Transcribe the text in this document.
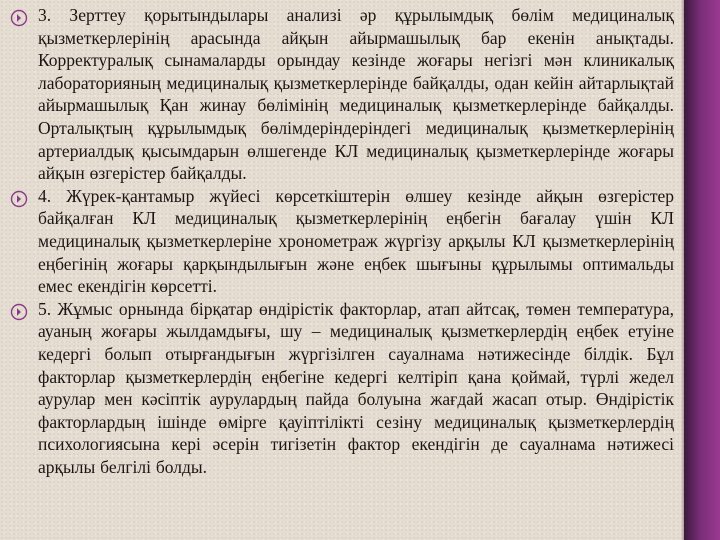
3. Зерттеу қорытындылары анализі әр құрылымдық бөлім медициналық қызметкерлерінің арасында айқын айырмашылық бар екенін анықтады. Корректуралық сынамаларды орындау кезінде жоғары негізгі мән клиникалық лабораторияның медициналық қызметкерлерінде байқалды, одан кейін айтарлықтай айырмашылық Қан жинау бөлімінің медициналық қызметкерлерінде байқалды. Орталықтың құрылымдық бөлімдеріндеріндегі медициналық қызметкерлерінің артериалдық қысымдарын өлшегенде КЛ медициналық қызметкерлерінде жоғары айқын өзгерістер байқалды.
4. Жүрек-қантамыр жүйесі көрсеткіштерін өлшеу кезінде айқын өзгерістер байқалған КЛ медициналық қызметкерлерінің еңбегін бағалау үшін КЛ медициналық қызметкерлеріне хронометраж жүргізу арқылы КЛ қызметкерлерінің еңбегінің жоғары қарқындылығын және еңбек шығыны құрылымы оптимальды емес екендігін көрсетті.
5. Жұмыс орнында бірқатар өндірістік факторлар, атап айтсақ, төмен температура, ауаның жоғары жылдамдығы, шу – медициналық қызметкерлердің еңбек етуіне кедергі болып отырғандығын жүргізілген сауалнама нәтижесінде білдік. Бұл факторлар қызметкерлердің еңбегіне кедергі келтіріп қана қоймай, түрлі жедел аурулар мен кәсіптік аурулардың пайда болуына жағдай жасап отыр. Өндірістік факторлардың ішінде өмірге қауіптілікті сезіну медициналық қызметкерлердің психологиясына кері әсерін тигізетін фактор екендігін де сауалнама нәтижесі арқылы белгілі болды.
